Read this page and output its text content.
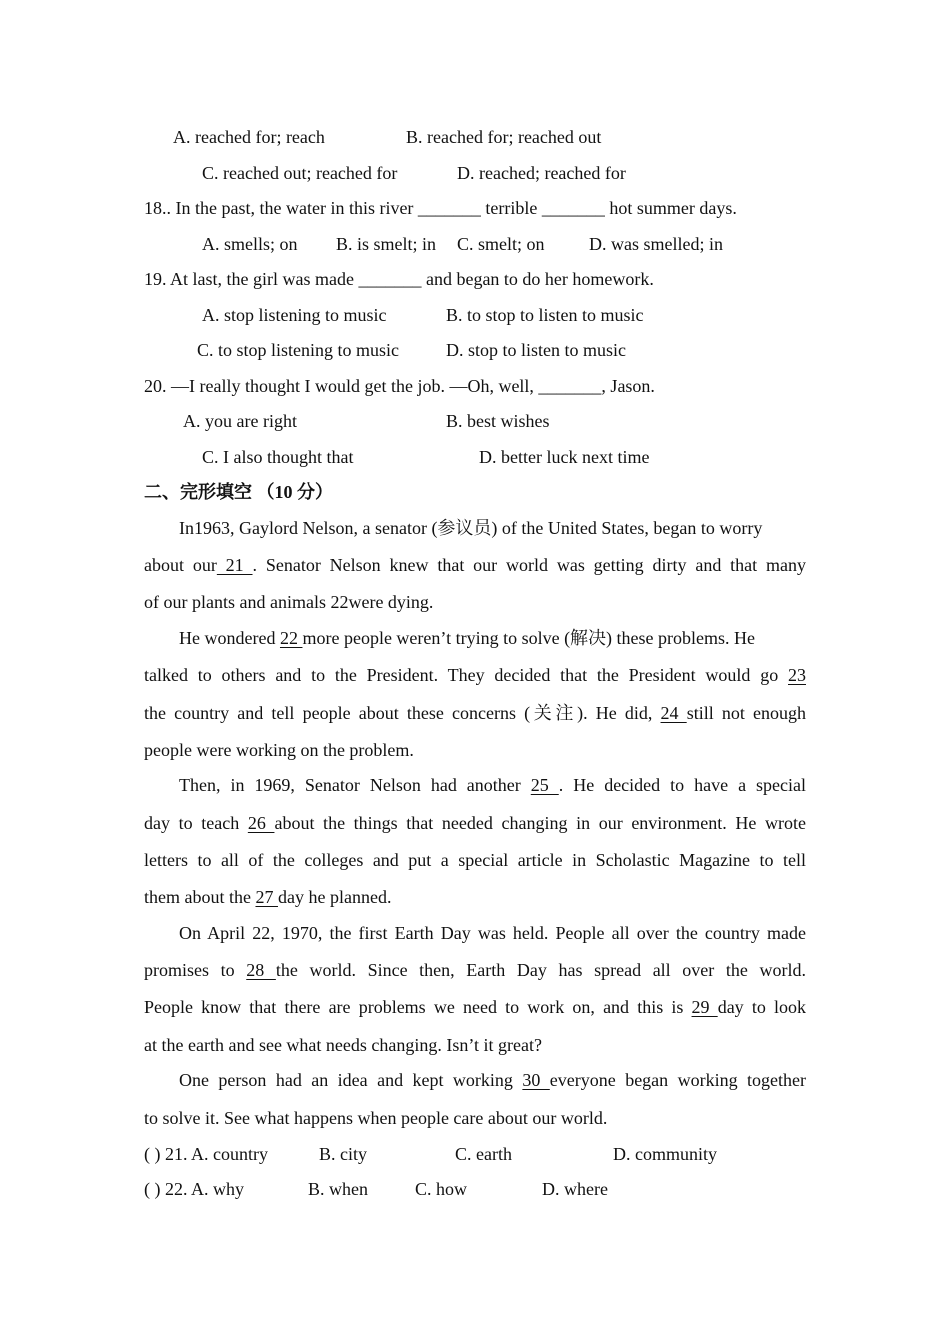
A. reached for; reach	B. reached for; reached out
C. reached out; reached for	D. reached; reached for
18.. In the past, the water in this river _______ terrible _______ hot summer days.
A. smells; on B. is smelt; in C. smelt; on D. was smelled; in
19. At last, the girl was made _______ and began to do her homework.
A. stop listening to music	B. to stop to listen to music
C. to stop listening to music	D. stop to listen to music
20. —I really thought I would get the job. —Oh, well, _______, Jason.
A. you are right	B. best wishes
C. I also thought that	D. better luck next time
二、完形填空 （10 分）
In1963, Gaylord Nelson, a senator (参议员) of the United States, began to worry
about our 21 . Senator Nelson knew that our world was getting dirty and that many
of our plants and animals 22were dying.
He wondered 22 more people weren’t trying to solve (解决) these problems. He
talked to others and to the President. They decided that the President would go 23
the country and tell people about these concerns (关注). He did, 24 still not enough
people were working on the problem.
Then, in 1969, Senator Nelson had another 25 . He decided to have a special
day to teach 26 about the things that needed changing in our environment. He wrote
letters to all of the colleges and put a special article in Scholastic Magazine to tell
them about the 27 day he planned.
On April 22, 1970, the first Earth Day was held. People all over the country made
promises to 28 the world. Since then, Earth Day has spread all over the world.
People know that there are problems we need to work on, and this is 29 day to look
at the earth and see what needs changing. Isn’t it great?
One person had an idea and kept working 30 everyone began working together
to solve it. See what happens when people care about our world.
( ) 21. A. country	B. city	C. earth	D. community
( ) 22. A. why	B. when	C. how	D. where
